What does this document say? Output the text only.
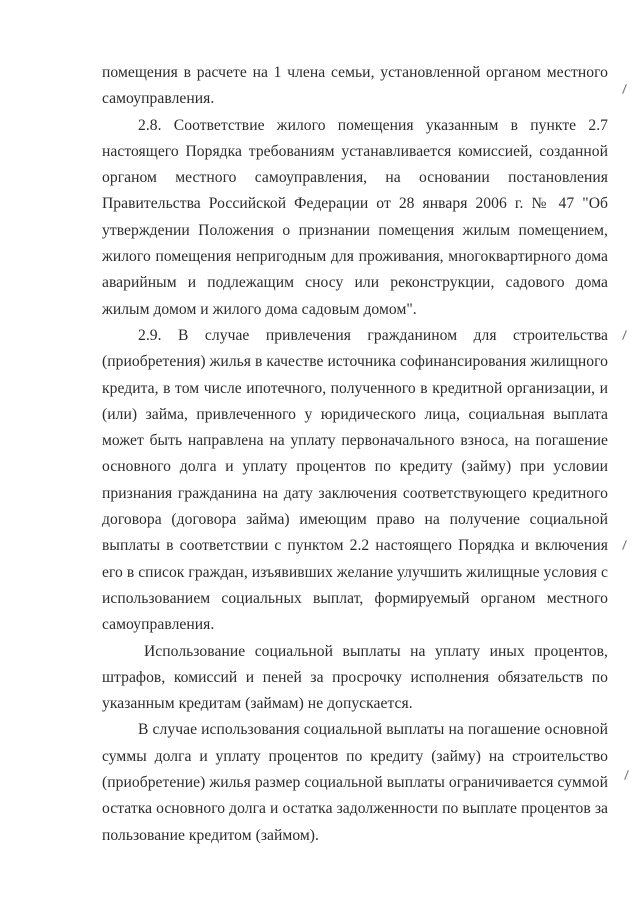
помещения в расчете на 1 члена семьи, установленной органом местного самоуправления.

2.8. Соответствие жилого помещения указанным в пункте 2.7 настоящего Порядка требованиям устанавливается комиссией, созданной органом местного самоуправления, на основании постановления Правительства Российской Федерации от 28 января 2006 г. № 47 "Об утверждении Положения о признании помещения жилым помещением, жилого помещения непригодным для проживания, многоквартирного дома аварийным и подлежащим сносу или реконструкции, садового дома жилым домом и жилого дома садовым домом".

2.9. В случае привлечения гражданином для строительства (приобретения) жилья в качестве источника софинансирования жилищного кредита, в том числе ипотечного, полученного в кредитной организации, и (или) займа, привлеченного у юридического лица, социальная выплата может быть направлена на уплату первоначального взноса, на погашение основного долга и уплату процентов по кредиту (займу) при условии признания гражданина на дату заключения соответствующего кредитного договора (договора займа) имеющим право на получение социальной выплаты в соответствии с пунктом 2.2 настоящего Порядка и включения его в список граждан, изъявивших желание улучшить жилищные условия с использованием социальных выплат, формируемый органом местного самоуправления.

Использование социальной выплаты на уплату иных процентов, штрафов, комиссий и пеней за просрочку исполнения обязательств по указанным кредитам (займам) не допускается.

В случае использования социальной выплаты на погашение основной суммы долга и уплату процентов по кредиту (займу) на строительство (приобретение) жилья размер социальной выплаты ограничивается суммой остатка основного долга и остатка задолженности по выплате процентов за пользование кредитом (займом).
